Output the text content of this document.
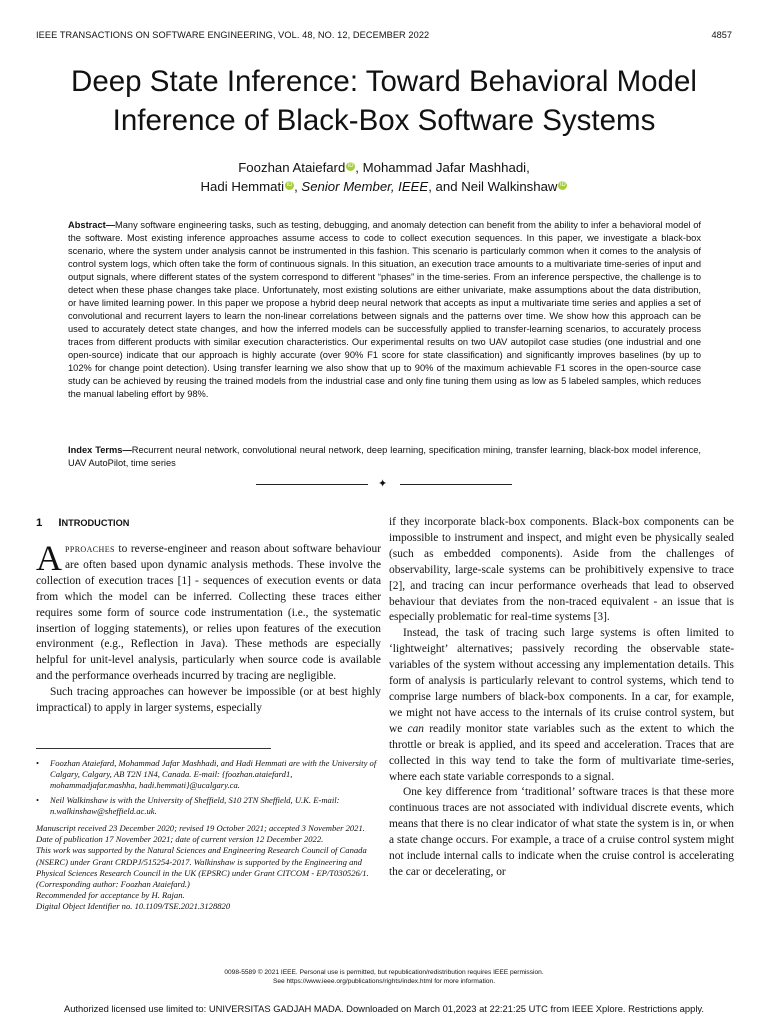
IEEE TRANSACTIONS ON SOFTWARE ENGINEERING, VOL. 48, NO. 12, DECEMBER 2022	4857
Deep State Inference: Toward Behavioral Model
Inference of Black-Box Software Systems
Foozhan Ataiefard iD , Mohammad Jafar Mashhadi,
Hadi Hemmati iD , Senior Member, IEEE, and Neil Walkinshaw iD
Abstract—Many software engineering tasks, such as testing, debugging, and anomaly detection can benefit from the ability to infer a behavioral model of the software. Most existing inference approaches assume access to code to collect execution sequences. In this paper, we investigate a black-box scenario, where the system under analysis cannot be instrumented in this fashion. This scenario is particularly common when it comes to the analysis of control system logs, which often take the form of continuous signals. In this situation, an execution trace amounts to a multivariate time-series of input and output signals, where different states of the system correspond to different “phases” in the time-series. From an inference perspective, the challenge is to detect when these phase changes take place. Unfortunately, most existing solutions are either univariate, make assumptions about the data distribution, or have limited learning power. In this paper we propose a hybrid deep neural network that accepts as input a multivariate time series and applies a set of convolutional and recurrent layers to learn the non-linear correlations between signals and the patterns over time. We show how this approach can be used to accurately detect state changes, and how the inferred models can be successfully applied to transfer-learning scenarios, to accurately process traces from different products with similar execution characteristics. Our experimental results on two UAV autopilot case studies (one industrial and one open-source) indicate that our approach is highly accurate (over 90% F1 score for state classification) and significantly improves baselines (by up to 102% for change point detection). Using transfer learning we also show that up to 90% of the maximum achievable F1 scores in the open-source case study can be achieved by reusing the trained models from the industrial case and only fine tuning them using as low as 5 labeled samples, which reduces the manual labeling effort by 98%.
Index Terms—Recurrent neural network, convolutional neural network, deep learning, specification mining, transfer learning, black-box model inference, UAV AutoPilot, time series
✦
1 INTRODUCTION

Approaches to reverse-engineer and reason about software behaviour are often based upon dynamic analysis methods. These involve the collection of execution traces [1] - sequences of execution events or data from which the model can be inferred. Collecting these traces either requires some form of source code instrumentation (i.e., the systematic insertion of logging statements), or relies upon features of the execution environment (e.g., Reflection in Java). These methods are especially helpful for unit-level analysis, particularly when source code is available and the performance overheads incurred by tracing are negligible.

Such tracing approaches can however be impossible (or at best highly impractical) to apply in larger systems, especially

• Foozhan Ataiefard, Mohammad Jafar Mashhadi, and Hadi Hemmati are with the University of Calgary, Calgary, AB T2N 1N4, Canada. E-mail: {foozhan.ataiefard1, mohammadjafar.mashha, hadi.hemmati}@ucalgary.ca.
• Neil Walkinshaw is with the University of Sheffield, S10 2TN Sheffield, U.K. E-mail: n.walkinshaw@sheffield.ac.uk.

Manuscript received 23 December 2020; revised 19 October 2021; accepted 3 November 2021. Date of publication 17 November 2021; date of current version 12 December 2022.

This work was supported by the Natural Sciences and Engineering Research Council of Canada (NSERC) under Grant CRDPJ/515254-2017. Walkinshaw is supported by the Engineering and Physical Sciences Research Council in the UK (EPSRC) under Grant CITCOM - EP/T030526/1.

(Corresponding author: Foozhan Ataiefard.)

Recommended for acceptance by H. Rajan.

Digital Object Identifier no. 10.1109/TSE.2021.3128820

if they incorporate black-box components. Black-box components can be impossible to instrument and inspect, and might even be physically sealed (such as embedded components). Aside from the challenges of observability, large-scale systems can be prohibitively expensive to trace [2], and tracing can incur performance overheads that lead to observed behaviour that deviates from the non-traced equivalent - an issue that is especially problematic for real-time systems [3].

Instead, the task of tracing such large systems is often limited to ‘lightweight’ alternatives; passively recording the observable state-variables of the system without accessing any implementation details. This form of analysis is particularly relevant to control systems, which tend to comprise large numbers of black-box components. In a car, for example, we might not have access to the internals of its cruise control system, but we can readily monitor state variables such as the extent to which the throttle or break is applied, and its speed and acceleration. Traces that are collected in this way tend to take the form of multivariate time-series, where each state variable corresponds to a signal.

One key difference from ‘traditional’ software traces is that these more continuous traces are not associated with individual discrete events, which means that there is no clear indicator of what state the system is in, or when a state change occurs. For example, a trace of a cruise control system might not include internal calls to indicate when the cruise control is accelerating the car or decelerating, or

0098-5589 © 2021 IEEE. Personal use is permitted, but republication/redistribution requires IEEE permission.

See https://www.ieee.org/publications/rights/index.html for more information.

Authorized licensed use limited to: UNIVERSITAS GADJAH MADA. Downloaded on March 01,2023 at 22:21:25 UTC from IEEE Xplore. Restrictions apply.
